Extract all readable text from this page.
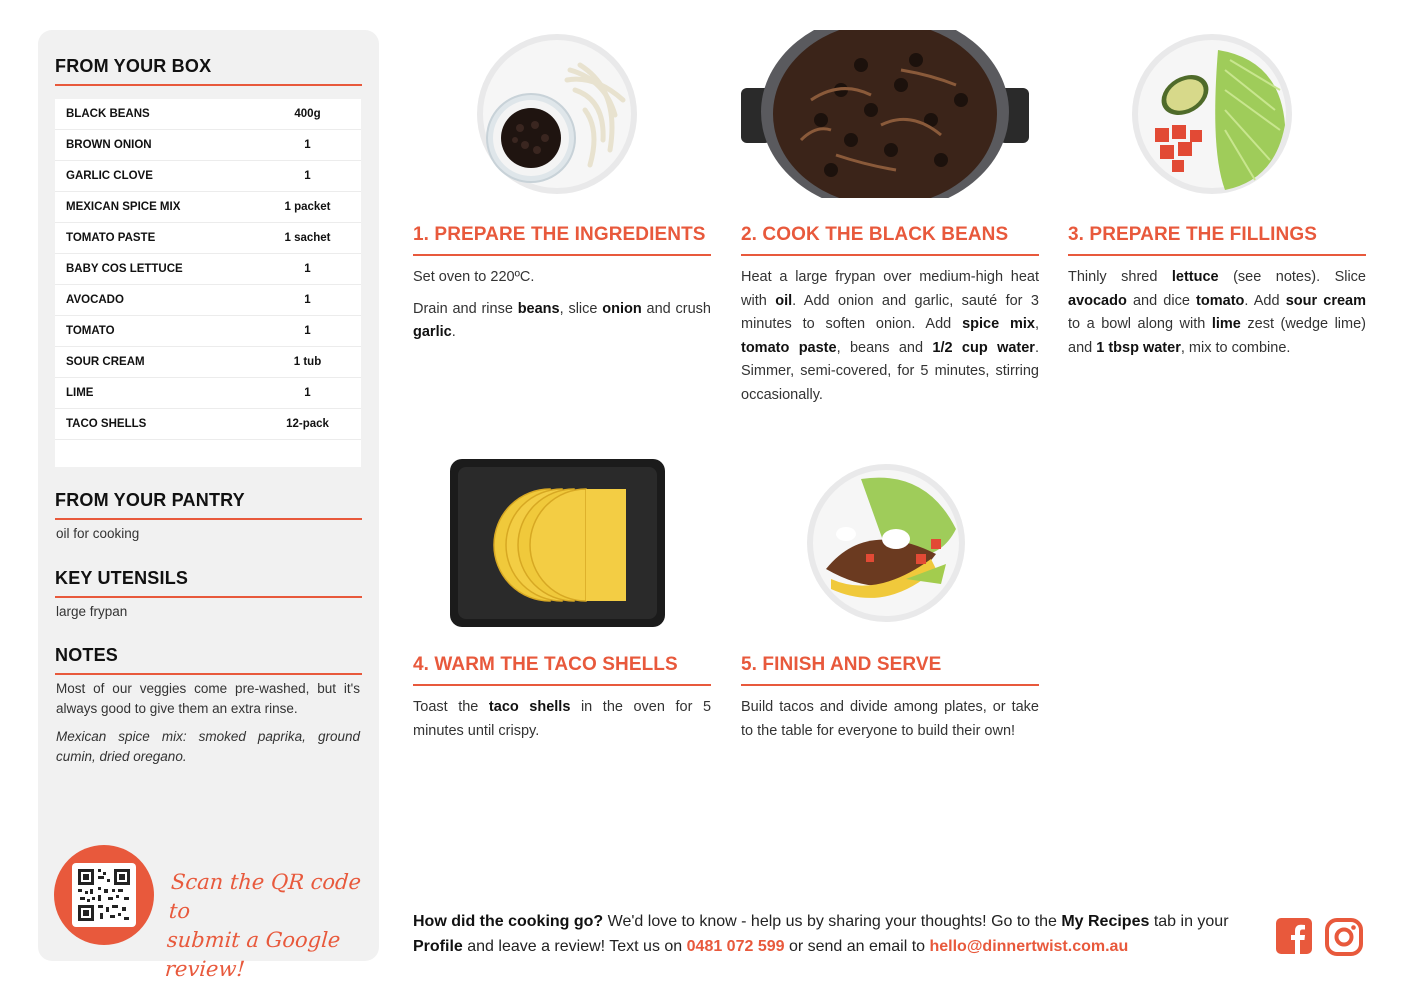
FROM YOUR BOX
BLACK BEANS	400g
BROWN ONION	1
GARLIC CLOVE	1
MEXICAN SPICE MIX	1 packet
TOMATO PASTE	1 sachet
BABY COS LETTUCE	1
AVOCADO	1
TOMATO	1
SOUR CREAM	1 tub
LIME	1
TACO SHELLS	12-pack
FROM YOUR PANTRY
oil for cooking
KEY UTENSILS
large frypan
NOTES

Most of our veggies come pre-washed, but it's always good to give them an extra rinse.

Mexican spice mix: smoked paprika, ground cumin, dried oregano.

Scan the QR code to
submit a Google review!
1. PREPARE THE INGREDIENTS

Set oven to 220ºC.

Drain and rinse beans, slice onion and crush garlic.

2. COOK THE BLACK BEANS

Heat a large frypan over medium-high heat with oil. Add onion and garlic, sauté for 3 minutes to soften onion. Add spice mix, tomato paste, beans and 1/2 cup water. Simmer, semi-covered, for 5 minutes, stirring occasionally.

3. PREPARE THE FILLINGS

Thinly shred lettuce (see notes). Slice avocado and dice tomato. Add sour cream to a bowl along with lime zest (wedge lime) and 1 tbsp water, mix to combine.

4. WARM THE TACO SHELLS

Toast the taco shells in the oven for 5 minutes until crispy.

5. FINISH AND SERVE

Build tacos and divide among plates, or take to the table for everyone to build their own!

How did the cooking go? We'd love to know - help us by sharing your thoughts! Go to the My Recipes tab in your Profile and leave a review! Text us on 0481 072 599 or send an email to hello@dinnertwist.com.au
